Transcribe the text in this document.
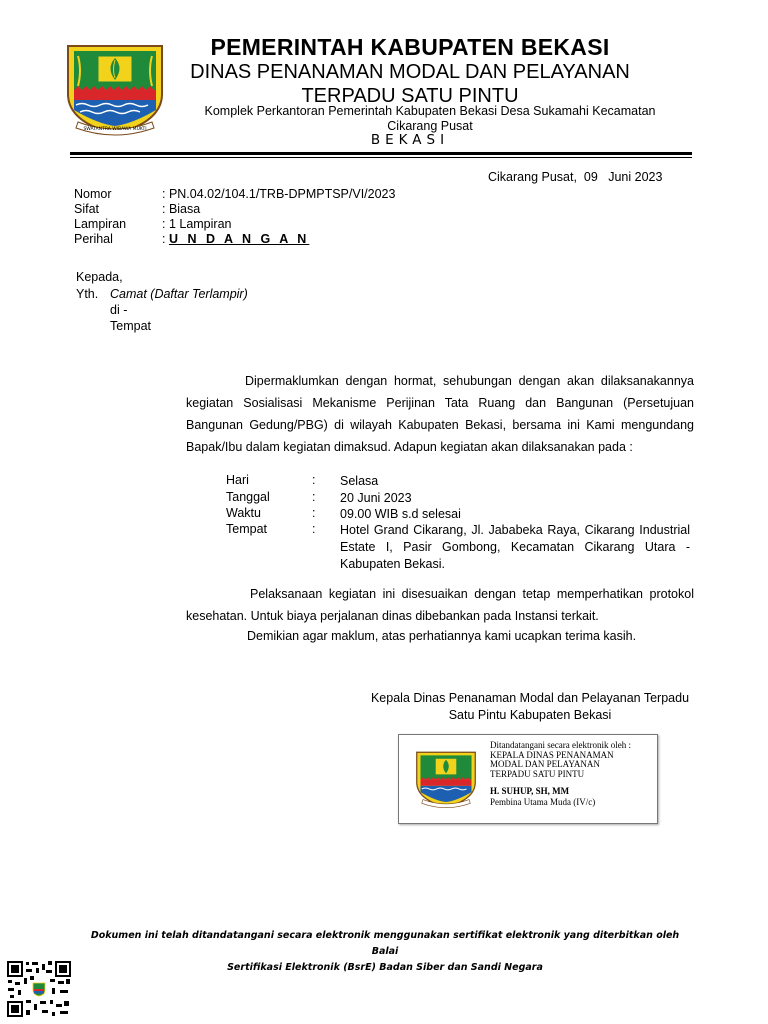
SWATANTRA WIBAWA MUKTI
PEMERINTAH KABUPATEN BEKASI
DINAS PENANAMAN MODAL DAN PELAYANAN
TERPADU SATU PINTU
Komplek Perkantoran Pemerintah Kabupaten Bekasi Desa Sukamahi Kecamatan
Cikarang Pusat
BEKASI
Cikarang Pusat, 09 Juni 2023
Nomor	: PN.04.02/104.1/TRB-DPMPTSP/VI/2023
Sifat	: Biasa
Lampiran	: 1 Lampiran
Perihal	: U N D A N G A N
Kepada,
Yth. Camat (Daftar Terlampir)
di -
Tempat
Dipermaklumkan dengan hormat, sehubungan dengan akan dilaksanakannya
kegiatan Sosialisasi Mekanisme Perijinan Tata Ruang dan Bangunan (Persetujuan
Bangunan Gedung/PBG) di wilayah Kabupaten Bekasi, bersama ini Kami mengundang
Bapak/Ibu dalam kegiatan dimaksud. Adapun kegiatan akan dilaksanakan pada :
Hari	: Selasa
Tanggal	: 20 Juni 2023
Waktu	: 09.00 WIB s.d selesai
Tempat	: Hotel Grand Cikarang, Jl. Jababeka Raya, Cikarang Industrial Estate I, Pasir Gombong, Kecamatan Cikarang Utara - Kabupaten Bekasi.
Pelaksanaan kegiatan ini disesuaikan dengan tetap memperhatikan protokol
kesehatan. Untuk biaya perjalanan dinas dibebankan pada Instansi terkait.
Demikian agar maklum, atas perhatiannya kami ucapkan terima kasih.
Kepala Dinas Penanaman Modal dan Pelayanan Terpadu
Satu Pintu Kabupaten Bekasi
Ditandatangani secara elektronik oleh :
KEPALA DINAS PENANAMAN
MODAL DAN PELAYANAN
TERPADU SATU PINTU
H. SUHUP, SH, MM
Pembina Utama Muda (IV/c)
Dokumen ini telah ditandatangani secara elektronik menggunakan sertifikat elektronik yang diterbitkan oleh Balai
Sertifikasi Elektronik (BsrE) Badan Siber dan Sandi Negara
